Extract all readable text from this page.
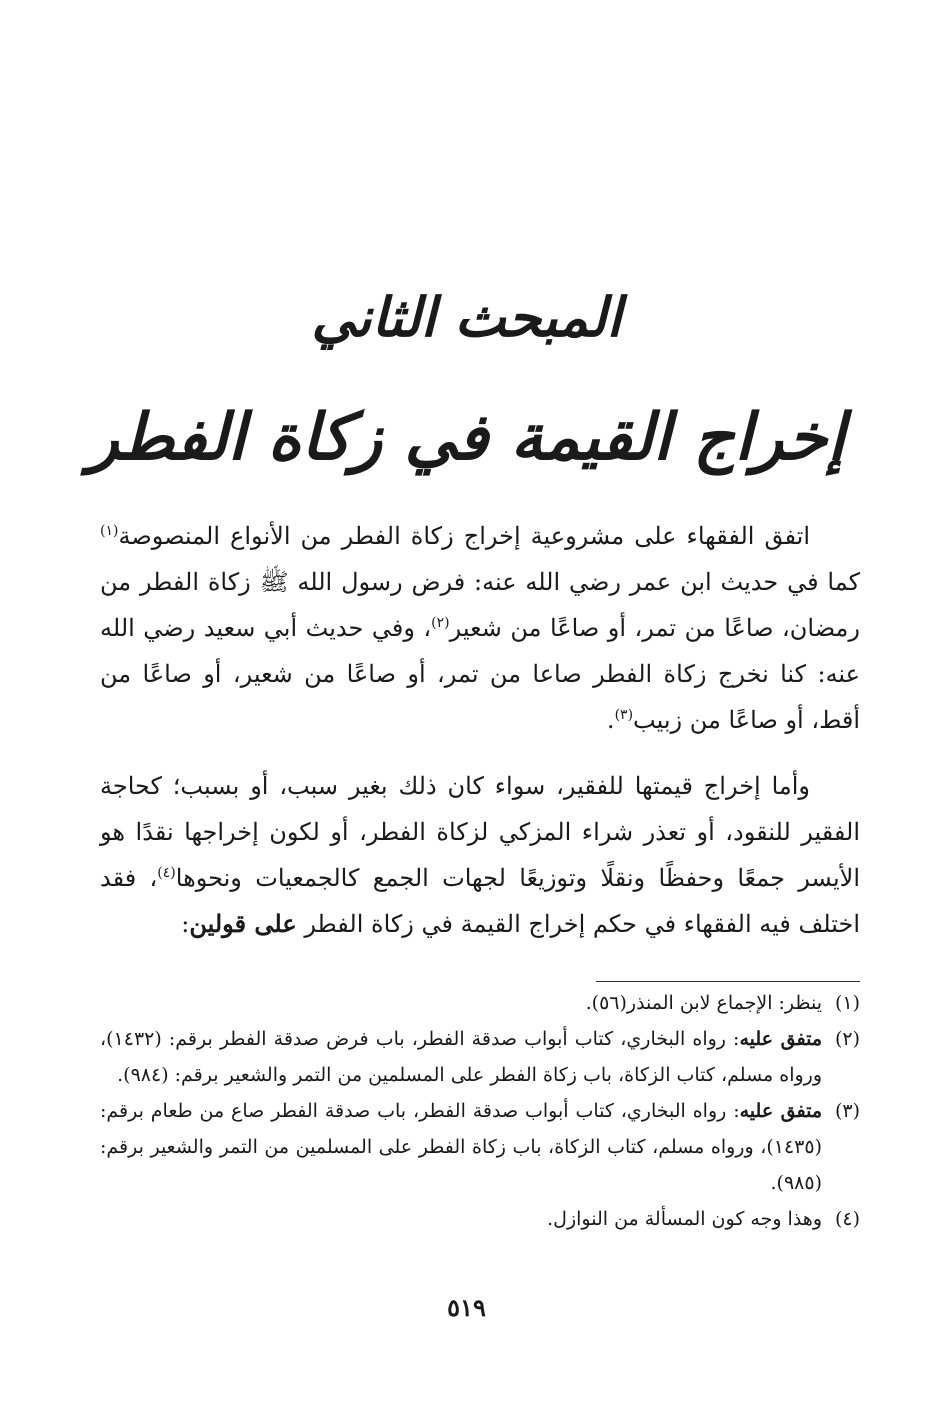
المبحث الثاني
إخراج القيمة في زكاة الفطر
اتفق الفقهاء على مشروعية إخراج زكاة الفطر من الأنواع المنصوصة$^{(١)}$ كما في حديث ابن عمر رضي الله عنه: فرض رسول الله ﷺ زكاة الفطر من رمضان، صاعًا من تمر، أو صاعًا من شعير$^{(٢)}$، وفي حديث أبي سعيد رضي الله عنه: كنا نخرج زكاة الفطر صاعا من تمر، أو صاعًا من شعير، أو صاعًا من أقط، أو صاعًا من زبيب$^{(٣)}$.
وأما إخراج قيمتها للفقير، سواء كان ذلك بغير سبب، أو بسبب؛ كحاجة الفقير للنقود، أو تعذر شراء المزكي لزكاة الفطر، أو لكون إخراجها نقدًا هو الأيسر جمعًا وحفظًا ونقلًا وتوزيعًا لجهات الجمع كالجمعيات ونحوها$^{(٤)}$، فقد اختلف فيه الفقهاء في حكم إخراج القيمة في زكاة الفطر على قولين:
(١)
ينظر: الإجماع لابن المنذر(٥٦).
(٢)
متفق عليه: رواه البخاري، كتاب أبواب صدقة الفطر، باب فرض صدقة الفطر برقم: (١٤٣٢)، ورواه مسلم، كتاب الزكاة، باب زكاة الفطر على المسلمين من التمر والشعير برقم: (٩٨٤).
(٣)
متفق عليه: رواه البخاري، كتاب أبواب صدقة الفطر، باب صدقة الفطر صاع من طعام برقم: (١٤٣٥)، ورواه مسلم، كتاب الزكاة، باب زكاة الفطر على المسلمين من التمر والشعير برقم: (٩٨٥).
(٤)
وهذا وجه كون المسألة من النوازل.
٥١٩
